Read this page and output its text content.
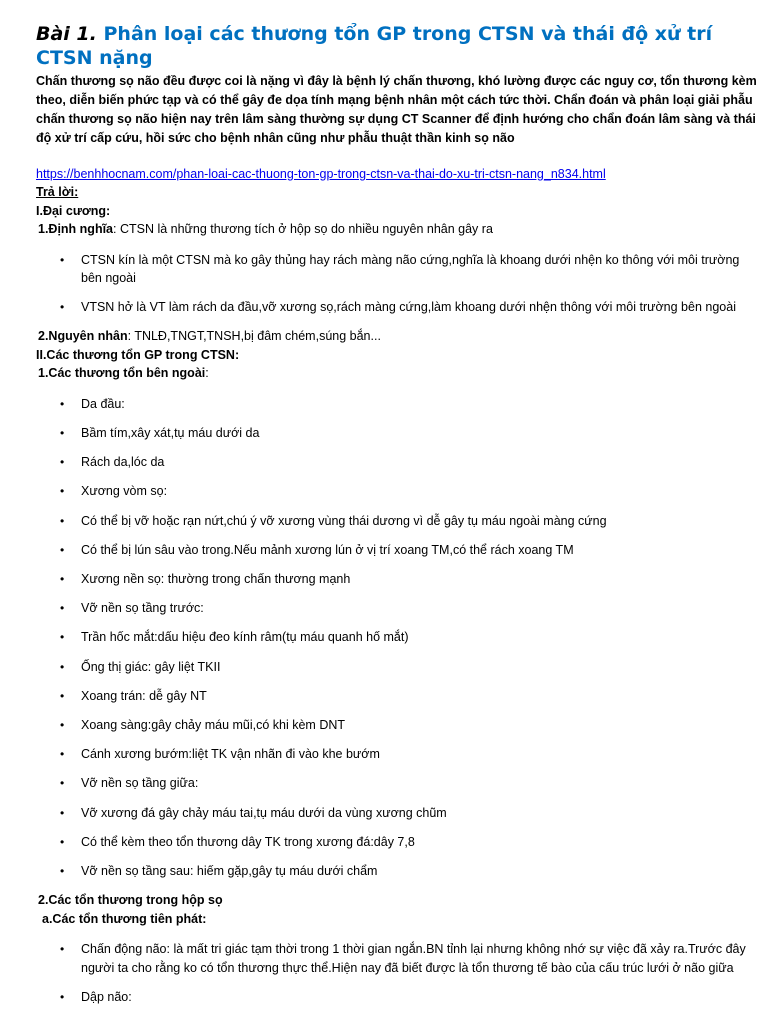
Bài 1. Phân loại các thương tổn GP trong CTSN và thái độ xử trí CTSN nặng

Chấn thương sọ não đều được coi là nặng vì đây là bệnh lý chấn thương, khó lường được các nguy cơ, tổn thương kèm theo, diễn biến phức tạp và có thể gây đe dọa tính mạng bệnh nhân một cách tức thời. Chẩn đoán và phân loại giải phẫu chấn thương sọ não hiện nay trên lâm sàng thường sự dụng CT Scanner để định hướng cho chẩn đoán lâm sàng và thái độ xử trí cấp cứu, hồi sức cho bệnh nhân cũng như phẫu thuật thần kinh sọ não

https://benhhocnam.com/phan-loai-cac-thuong-ton-gp-trong-ctsn-va-thai-do-xu-tri-ctsn-nang_n834.html

Trả lời:

I.Đại cương:

1.Định nghĩa: CTSN là những thương tích ở hộp sọ do nhiều nguyên nhân gây ra

• CTSN kín là một CTSN mà ko gây thủng hay rách màng não cứng,nghĩa là khoang dưới nhện ko thông với môi trường bên ngoài
• VTSN hở là VT làm rách da đầu,vỡ xương sọ,rách màng cứng,làm khoang dưới nhện thông với môi trường bên ngoài

2.Nguyên nhân: TNLĐ,TNGT,TNSH,bị đâm chém,súng bắn...

II.Các thương tổn GP trong CTSN:

1.Các thương tổn bên ngoài:

• Da đầu:
• Bầm tím,xây xát,tụ máu dưới da
• Rách da,lóc da
• Xương vòm sọ:
• Có thể bị vỡ hoặc rạn nứt,chú ý vỡ xương vùng thái dương vì dễ gây tụ máu ngoài màng cứng
• Có thể bị lún sâu vào trong.Nếu mảnh xương lún ở vị trí xoang TM,có thể rách xoang TM
• Xương nền sọ: thường trong chấn thương mạnh
• Vỡ nền sọ tầng trước:
• Trần hốc mắt:dấu hiệu đeo kính râm(tụ máu quanh hố mắt)
• Ống thị giác: gây liệt TKII
• Xoang trán: dễ gây NT
• Xoang sàng:gây chảy máu mũi,có khi kèm DNT
• Cánh xương bướm:liệt TK vận nhãn đi vào khe bướm
• Vỡ nền sọ tầng giữa:
• Vỡ xương đá gây chảy máu tai,tụ máu dưới da vùng xương chũm
• Có thể kèm theo tổn thương dây TK trong xương đá:dây 7,8
• Vỡ nền sọ tầng sau: hiếm gặp,gây tụ máu dưới chẩm

2.Các tổn thương trong hộp sọ

a.Các tổn thương tiên phát:

• Chấn động não: là mất tri giác tạm thời trong 1 thời gian ngắn.BN tỉnh lại nhưng không nhớ sự việc đã xảy ra.Trước đây người ta cho rằng ko có tổn thương thực thể.Hiện nay đã biết được là tổn thương tế bào của cấu trúc lưới ở não giữa
• Dập não:
